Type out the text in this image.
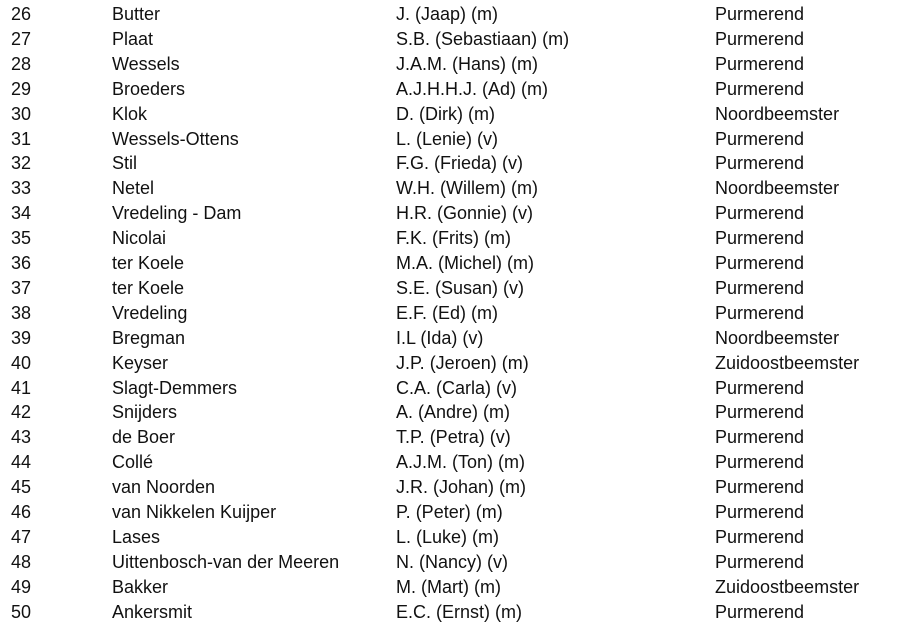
26	Butter	J. (Jaap) (m)	Purmerend
27	Plaat	S.B. (Sebastiaan) (m)	Purmerend
28	Wessels	J.A.M. (Hans) (m)	Purmerend
29	Broeders	A.J.H.H.J. (Ad) (m)	Purmerend
30	Klok	D. (Dirk) (m)	Noordbeemster
31	Wessels-Ottens	L. (Lenie) (v)	Purmerend
32	Stil	F.G. (Frieda) (v)	Purmerend
33	Netel	W.H. (Willem) (m)	Noordbeemster
34	Vredeling - Dam	H.R. (Gonnie) (v)	Purmerend
35	Nicolai	F.K. (Frits) (m)	Purmerend
36	ter Koele	M.A. (Michel) (m)	Purmerend
37	ter Koele	S.E. (Susan) (v)	Purmerend
38	Vredeling	E.F. (Ed) (m)	Purmerend
39	Bregman	I.L (Ida) (v)	Noordbeemster
40	Keyser	J.P. (Jeroen) (m)	Zuidoostbeemster
41	Slagt-Demmers	C.A. (Carla) (v)	Purmerend
42	Snijders	A. (Andre) (m)	Purmerend
43	de Boer	T.P. (Petra) (v)	Purmerend
44	Collé	A.J.M. (Ton) (m)	Purmerend
45	van Noorden	J.R. (Johan) (m)	Purmerend
46	van Nikkelen Kuijper	P. (Peter) (m)	Purmerend
47	Lases	L. (Luke) (m)	Purmerend
48	Uittenbosch-van der Meeren	N. (Nancy) (v)	Purmerend
49	Bakker	M. (Mart) (m)	Zuidoostbeemster
50	Ankersmit	E.C. (Ernst) (m)	Purmerend
